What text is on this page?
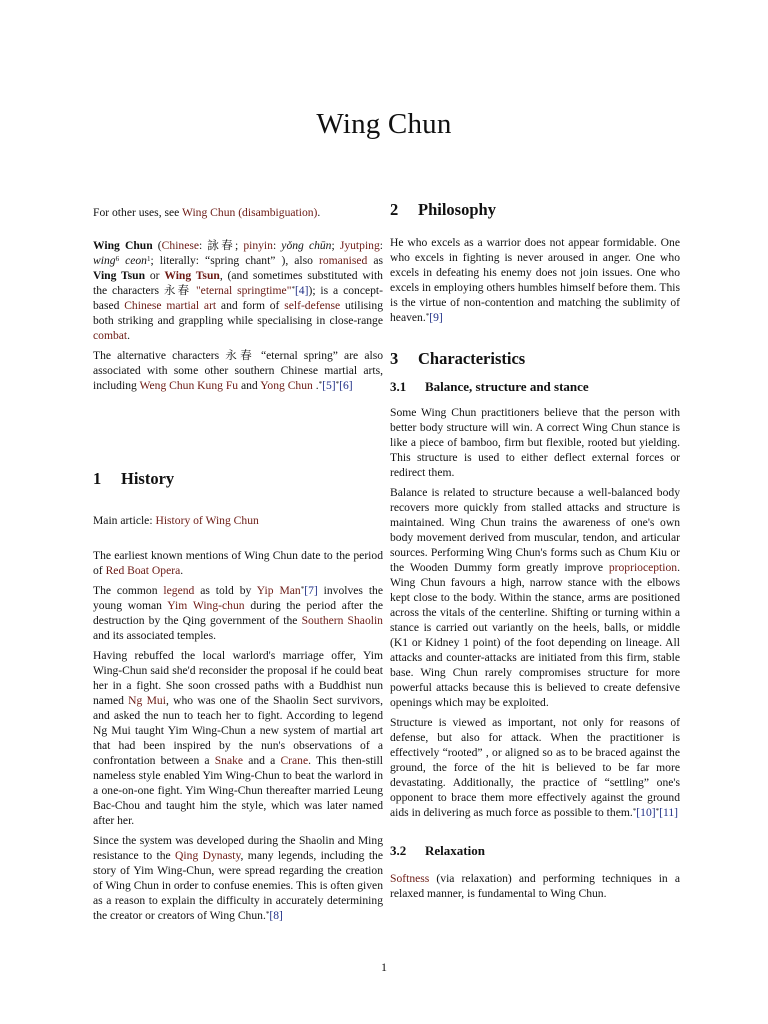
Wing Chun

For other uses, see Wing Chun (disambiguation).

Wing Chun (Chinese: 詠春; pinyin: yǒng chūn; Jyutping: wing$^6$ ceon$^1$; literally: “spring chant” ), also romanised as Ving Tsun or Wing Tsun, (and sometimes substituted with the characters 永春 "eternal springtime"*[4]); is a concept-based Chinese martial art and form of self-defense utilising both striking and grappling while specialising in close-range combat.

The alternative characters 永春 “eternal spring” are also associated with some other southern Chinese martial arts, including Weng Chun Kung Fu and Yong Chun .*[5]*[6]

1 History

Main article: History of Wing Chun

The earliest known mentions of Wing Chun date to the period of Red Boat Opera.

The common legend as told by Yip Man*[7] involves the young woman Yim Wing-chun during the period after the destruction by the Qing government of the Southern Shaolin and its associated temples.

Having rebuffed the local warlord's marriage offer, Yim Wing-Chun said she'd reconsider the proposal if he could beat her in a fight. She soon crossed paths with a Buddhist nun named Ng Mui, who was one of the Shaolin Sect survivors, and asked the nun to teach her to fight. According to legend Ng Mui taught Yim Wing-Chun a new system of martial art that had been inspired by the nun's observations of a confrontation between a Snake and a Crane. This then-still nameless style enabled Yim Wing-Chun to beat the warlord in a one-on-one fight. Yim Wing-Chun thereafter married Leung Bac-Chou and taught him the style, which was later named after her.

Since the system was developed during the Shaolin and Ming resistance to the Qing Dynasty, many legends, including the story of Yim Wing-Chun, were spread regarding the creation of Wing Chun in order to confuse enemies. This is often given as a reason to explain the difficulty in accurately determining the creator or creators of Wing Chun.*[8]

2 Philosophy

He who excels as a warrior does not appear formidable. One who excels in fighting is never aroused in anger. One who excels in defeating his enemy does not join issues. One who excels in employing others humbles himself before them. This is the virtue of non-contention and matching the sublimity of heaven.*[9]

3 Characteristics
3.1 Balance, structure and stance

Some Wing Chun practitioners believe that the person with better body structure will win. A correct Wing Chun stance is like a piece of bamboo, firm but flexible, rooted but yielding. This structure is used to either deflect external forces or redirect them.

Balance is related to structure because a well-balanced body recovers more quickly from stalled attacks and structure is maintained. Wing Chun trains the awareness of one's own body movement derived from muscular, tendon, and articular sources. Performing Wing Chun's forms such as Chum Kiu or the Wooden Dummy form greatly improve proprioception. Wing Chun favours a high, narrow stance with the elbows kept close to the body. Within the stance, arms are positioned across the vitals of the centerline. Shifting or turning within a stance is carried out variantly on the heels, balls, or middle (K1 or Kidney 1 point) of the foot depending on lineage. All attacks and counter-attacks are initiated from this firm, stable base. Wing Chun rarely compromises structure for more powerful attacks because this is believed to create defensive openings which may be exploited.

Structure is viewed as important, not only for reasons of defense, but also for attack. When the practitioner is effectively “rooted” , or aligned so as to be braced against the ground, the force of the hit is believed to be far more devastating. Additionally, the practice of “settling” one's opponent to brace them more effectively against the ground aids in delivering as much force as possible to them.*[10]*[11]

3.2 Relaxation

Softness (via relaxation) and performing techniques in a relaxed manner, is fundamental to Wing Chun.

1
